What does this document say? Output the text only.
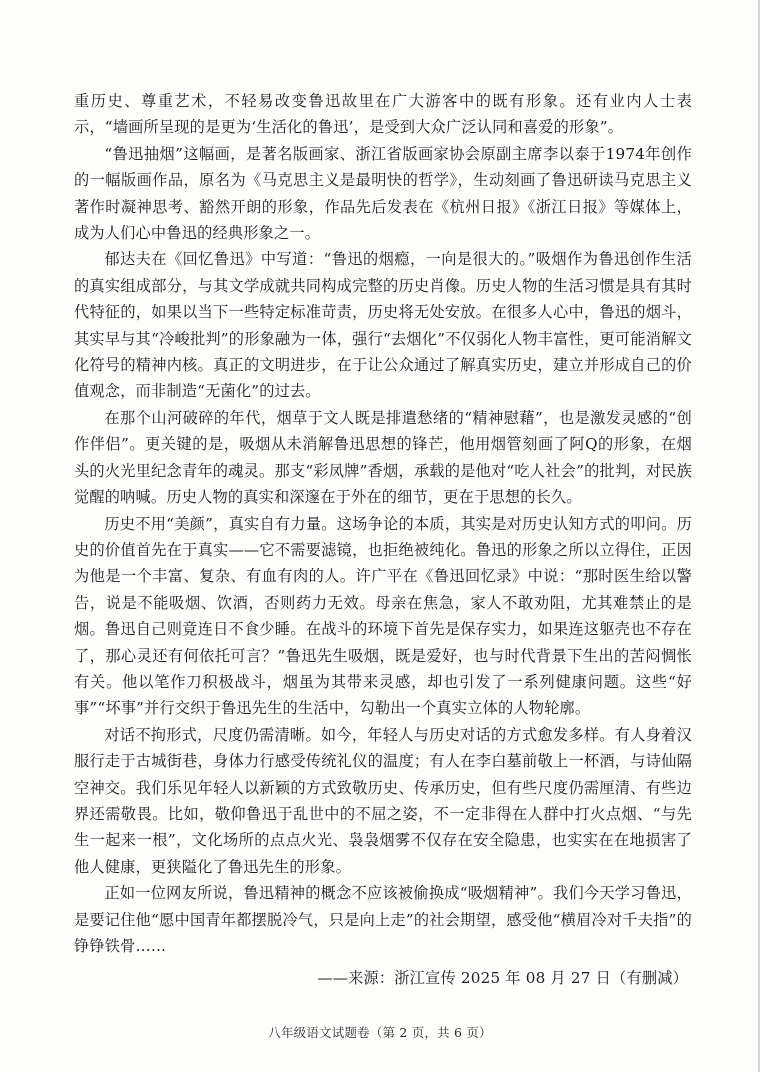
重历史、尊重艺术，不轻易改变鲁迅故里在广大游客中的既有形象。还有业内人士表示，“墙画所呈现的是更为‘生活化的鲁迅’，是受到大众广泛认同和喜爱的形象”。

“鲁迅抽烟”这幅画，是著名版画家、浙江省版画家协会原副主席李以泰于1974年创作的一幅版画作品，原名为《马克思主义是最明快的哲学》，生动刻画了鲁迅研读马克思主义著作时凝神思考、豁然开朗的形象，作品先后发表在《杭州日报》《浙江日报》等媒体上，成为人们心中鲁迅的经典形象之一。

郁达夫在《回忆鲁迅》中写道：“鲁迅的烟瘾，一向是很大的。”吸烟作为鲁迅创作生活的真实组成部分，与其文学成就共同构成完整的历史肖像。历史人物的生活习惯是具有其时代特征的，如果以当下一些特定标准苛责，历史将无处安放。在很多人心中，鲁迅的烟斗，其实早与其“冷峻批判”的形象融为一体，强行“去烟化”不仅弱化人物丰富性，更可能消解文化符号的精神内核。真正的文明进步，在于让公众通过了解真实历史，建立并形成自己的价值观念，而非制造“无菌化”的过去。

在那个山河破碎的年代，烟草于文人既是排遣愁绪的“精神慰藉”，也是激发灵感的“创作伴侣”。更关键的是，吸烟从未消解鲁迅思想的锋芒，他用烟管刻画了阿Q的形象，在烟头的火光里纪念青年的魂灵。那支“彩凤牌”香烟，承载的是他对“吃人社会”的批判，对民族觉醒的呐喊。历史人物的真实和深邃在于外在的细节，更在于思想的长久。

历史不用“美颜”，真实自有力量。这场争论的本质，其实是对历史认知方式的叩问。历史的价值首先在于真实——它不需要滤镜，也拒绝被纯化。鲁迅的形象之所以立得住，正因为他是一个丰富、复杂、有血有肉的人。许广平在《鲁迅回忆录》中说：“那时医生给以警告，说是不能吸烟、饮酒，否则药力无效。母亲在焦急，家人不敢劝阻，尤其难禁止的是烟。鲁迅自己则竟连日不食少睡。在战斗的环境下首先是保存实力，如果连这躯壳也不存在了，那心灵还有何依托可言？”鲁迅先生吸烟，既是爱好，也与时代背景下生出的苦闷惆怅有关。他以笔作刀积极战斗，烟虽为其带来灵感，却也引发了一系列健康问题。这些“好事”“坏事”并行交织于鲁迅先生的生活中，勾勒出一个真实立体的人物轮廓。

对话不拘形式，尺度仍需清晰。如今，年轻人与历史对话的方式愈发多样。有人身着汉服行走于古城街巷，身体力行感受传统礼仪的温度；有人在李白墓前敬上一杯酒，与诗仙隔空神交。我们乐见年轻人以新颖的方式致敬历史、传承历史，但有些尺度仍需厘清、有些边界还需敬畏。比如，敬仰鲁迅于乱世中的不屈之姿，不一定非得在人群中打火点烟、“与先生一起来一根”，文化场所的点点火光、袅袅烟雾不仅存在安全隐患，也实实在在地损害了他人健康，更狭隘化了鲁迅先生的形象。

正如一位网友所说，鲁迅精神的概念不应该被偷换成“吸烟精神”。我们今天学习鲁迅，是要记住他“愿中国青年都摆脱冷气，只是向上走”的社会期望，感受他“横眉冷对千夫指”的铮铮铁骨……

——来源：浙江宣传 2025 年 08 月 27 日（有删减）

八年级语文试题卷（第 2 页，共 6 页）
